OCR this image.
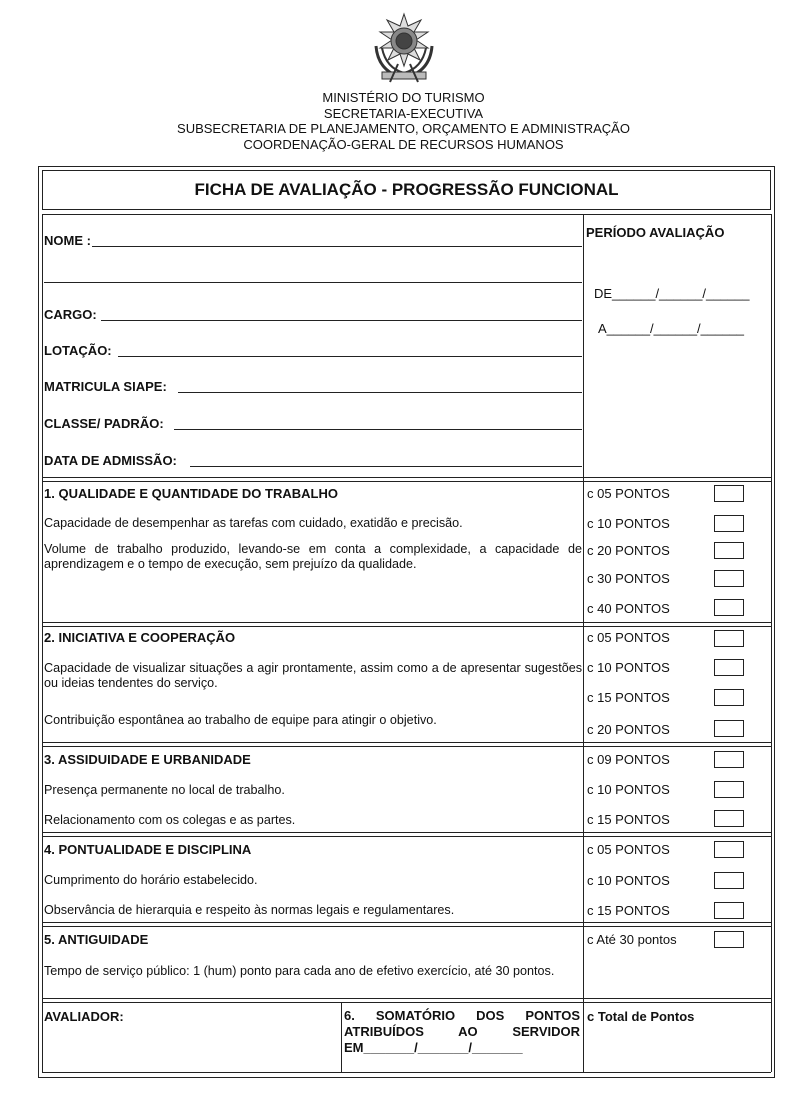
MINISTÉRIO DO TURISMO
SECRETARIA-EXECUTIVA
SUBSECRETARIA DE PLANEJAMENTO, ORÇAMENTO E ADMINISTRAÇÃO
COORDENAÇÃO-GERAL DE RECURSOS HUMANOS
FICHA DE AVALIAÇÃO - PROGRESSÃO FUNCIONAL
NOME :
CARGO:
LOTAÇÃO:
MATRICULA SIAPE:
CLASSE/ PADRÃO:
DATA DE ADMISSÃO:
PERÍODO AVALIAÇÃO
DE______/______/______
A______/______/______
1. QUALIDADE E QUANTIDADE DO TRABALHO
Capacidade de desempenhar as tarefas com cuidado, exatidão e precisão.
Volume de trabalho produzido, levando-se em conta a complexidade, a capacidade de aprendizagem e o tempo de execução, sem prejuízo da qualidade.
c 05 PONTOS
c 10 PONTOS
c 20 PONTOS
c 30 PONTOS
c 40 PONTOS
2. INICIATIVA E COOPERAÇÃO
Capacidade de visualizar situações a agir prontamente, assim como a de apresentar sugestões ou ideias tendentes do serviço.
Contribuição espontânea ao trabalho de equipe para atingir o objetivo.
c 05 PONTOS
c 10 PONTOS
c 15 PONTOS
c 20 PONTOS
3. ASSIDUIDADE E URBANIDADE
Presença permanente no local de trabalho.
Relacionamento com os colegas e as partes.
c 09 PONTOS
c 10 PONTOS
c 15 PONTOS
4. PONTUALIDADE E DISCIPLINA
Cumprimento do horário estabelecido.
Observância de hierarquia e respeito às normas legais e regulamentares.
c 05 PONTOS
c 10 PONTOS
c 15 PONTOS
5. ANTIGUIDADE
Tempo de serviço público: 1 (hum) ponto para cada ano de efetivo exercício, até 30 pontos.
c Até 30 pontos
AVALIADOR:	6. SOMATÓRIO DOS PONTOS ATRIBUÍDOS AO SERVIDOR
EM_______/_______/_______
c Total de Pontos
